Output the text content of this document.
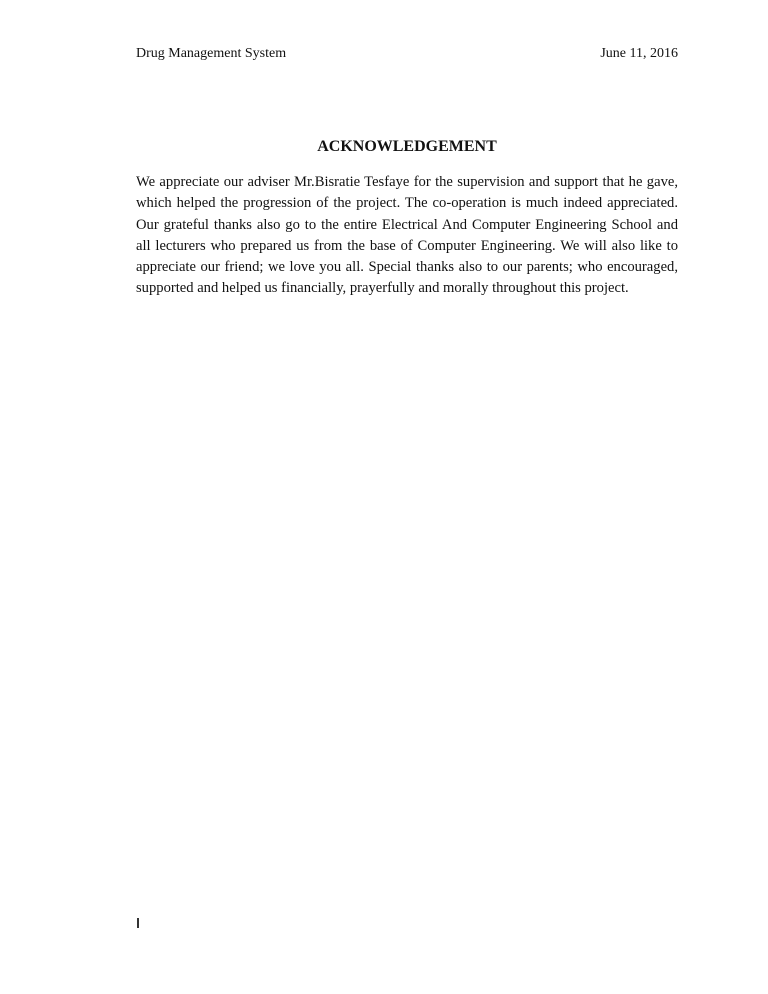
Drug Management System	June 11, 2016
ACKNOWLEDGEMENT

We appreciate our adviser Mr.Bisratie Tesfaye for the supervision and support that he gave, which helped the progression of the project. The co-operation is much indeed appreciated. Our grateful thanks also go to the entire Electrical And Computer Engineering School and all lecturers who prepared us from the base of Computer Engineering. We will also like to appreciate our friend; we love you all. Special thanks also to our parents; who encouraged, supported and helped us financially, prayerfully and morally throughout this project.
